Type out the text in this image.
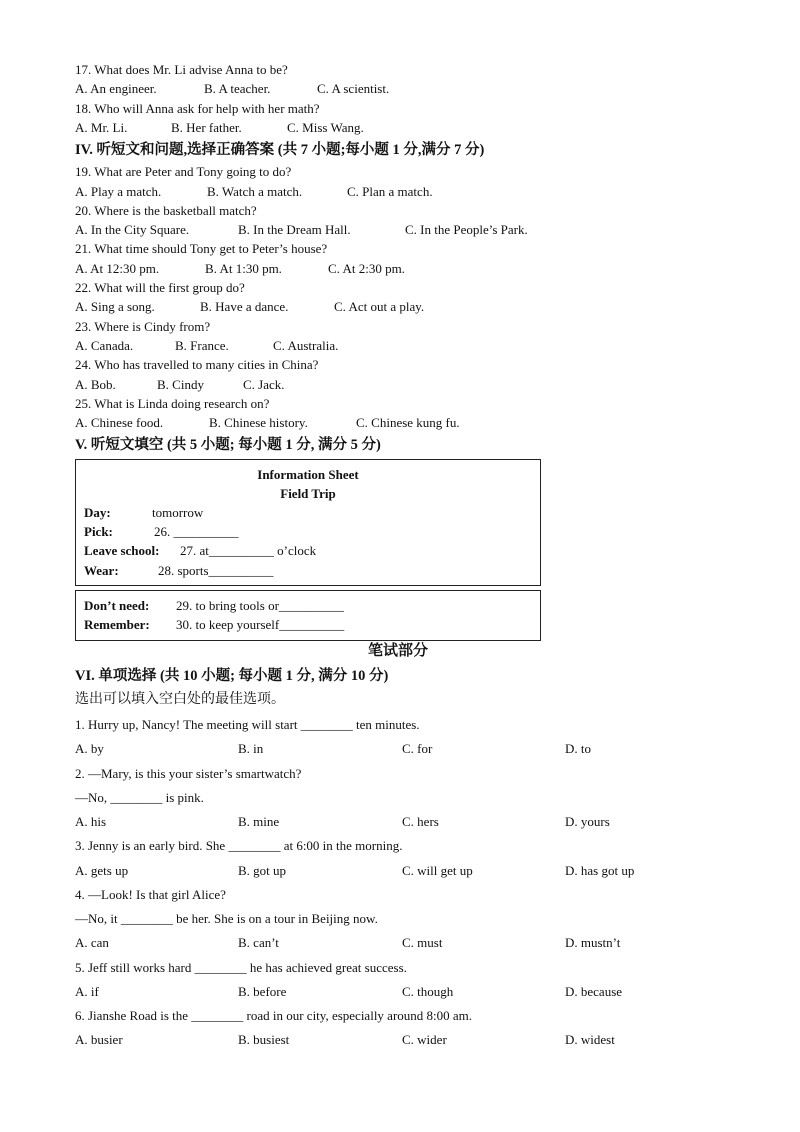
17. What does Mr. Li advise Anna to be?
A. An engineer.	B. A teacher.	C. A scientist.
18. Who will Anna ask for help with her math?
A. Mr. Li.	B. Her father.	C. Miss Wang.
IV. 听短文和问题,选择正确答案 (共 7 小题;每小题 1 分,满分 7 分)
19. What are Peter and Tony going to do?
A. Play a match.	B. Watch a match.	C. Plan a match.
20. Where is the basketball match?
A. In the City Square.	B. In the Dream Hall.	C. In the People’s Park.
21. What time should Tony get to Peter’s house?
A. At 12:30 pm.	B. At 1:30 pm.	C. At 2:30 pm.
22. What will the first group do?
A. Sing a song.	B. Have a dance.	C. Act out a play.
23. Where is Cindy from?
A. Canada.	B. France.	C. Australia.
24. Who has travelled to many cities in China?
A. Bob.	B. Cindy	C. Jack.
25. What is Linda doing research on?
A. Chinese food.	B. Chinese history.	C. Chinese kung fu.
V. 听短文填空 (共 5 小题; 每小题 1 分, 满分 5 分)
Information Sheet
Field Trip
Day:	tomorrow
Pick:	26. __________
Leave school: 27. at__________ o’clock
Wear:	28. sports__________
Don’t need: 29. to bring tools or__________
Remember: 30. to keep yourself__________
笔试部分
VI. 单项选择 (共 10 小题; 每小题 1 分, 满分 10 分)
选出可以填入空白处的最佳选项。
1. Hurry up, Nancy! The meeting will start ________ ten minutes.
A. by	B. in	C. for	D. to
2. —Mary, is this your sister’s smartwatch?
—No, ________ is pink.
A. his	B. mine	C. hers	D. yours
3. Jenny is an early bird. She ________ at 6:00 in the morning.
A. gets up	B. got up	C. will get up	D. has got up
4. —Look! Is that girl Alice?
—No, it ________ be her. She is on a tour in Beijing now.
A. can	B. can’t	C. must	D. mustn’t
5. Jeff still works hard ________ he has achieved great success.
A. if	B. before	C. though	D. because
6. Jianshe Road is the ________ road in our city, especially around 8:00 am.
A. busier	B. busiest	C. wider	D. widest
